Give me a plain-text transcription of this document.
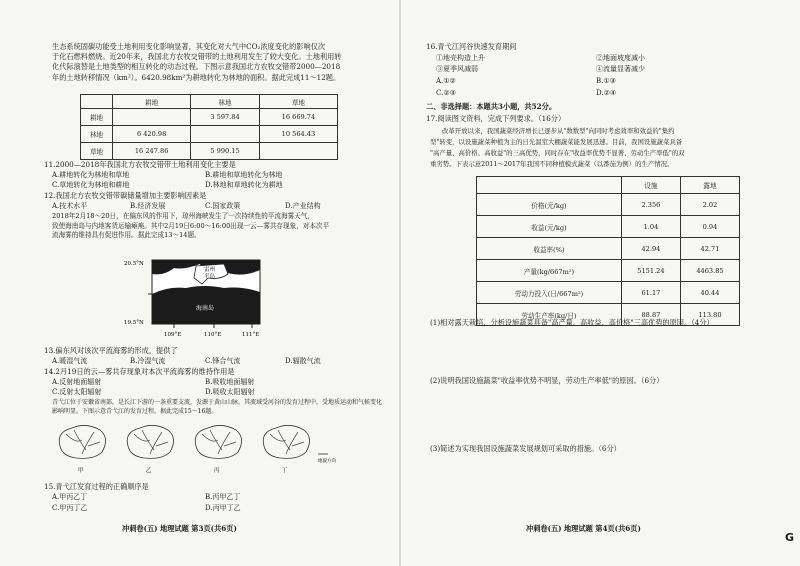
生态系统固碳功能受土地利用变化影响显著，其变化对大气中CO₂浓度变化的影响仅次
于化石燃料燃烧。近20年来，我国北方农牧交错带的土地利用发生了较大变化。土地利用转
化代际演替是土地类型的相互转化的动态过程。下图示意我国北方农牧交错带2000—2018
年的土地转移情况（km²）。6420.98km²为耕地转化为林地的面积。据此完成11～12题。
	耕地	林地	草地
耕地		3 597.84	16 669.74
林地	6 420.98		10 564.43
草地	16 247.86	5 990.15	
11.2000—2018年我国北方农牧交错带土地利用变化主要是
A.耕地转化为林地和草地	B.耕地和草地转化为林地
C.草地转化为林地和耕地	D.林地和草地转化为耕地
12.我国北方农牧交错带碳储量增加主要影响因素是
A.技术水平	B.经济发展	C.国家政策	D.产业结构
2018年2月18～20日，在偏东风的作用下，琼州海峡发生了一次持续性的平流海雾天气，
致使海南岛与内地客货运输瘫痪。其中2月19日6:00～16:00出现一云—雾共存现象，对本次平
流海雾的维持具有促进作用。据此完成13～14题。
20.5°N
19.5°N
109°E	110°E	111°E
雷州
半岛
海南岛
13.偏东风对该次平流海雾的形成，提供了
A.暖湿气流	B.冷湿气流	C.锋合气流	D.辐散气流
14.2月19日的云—雾共存现象对本次平流海雾的维持作用是
A.反射地面辐射	B.吸收地面辐射
C.反射太阳辐射	D.吸收太阳辐射
青弋江位于安徽省南部，是长江下游的一条重要支流，发源于黄山山脉。其流域受河谷的发育过程中，受地质运动和气候变化
影响明显。下图示意青弋江的发育过程。据此完成15～16题。
甲	乙	丙	丁
地貌方向
15.青弋江发育过程的正确顺序是
A.甲丙乙丁	B.丙甲乙丁
C.甲丙丁乙	D.丙甲丁乙
冲刺卷(五) 地理试题 第3页(共6页)
16.青弋江河谷快速发育期间
①地壳构造上升	②地面坡度减小
③夏季风减弱	④流量显著减少
A.①②	B.①③
C.②③	D.②④
二、非选择题：本题共3小题，共52分。
17.阅读图文资料，完成下列要求。（16分）
改革开放以来，我国蔬菜经济增长已逐步从"数数型"向同时考虑效率和效益的"集约
型"转变，以设施蔬菜种植为主的日光温室大棚蔬菜能发展迅速。目前，我国设施蔬菜具备
"高产量、高价格、高收益"的三高优势，同时存在"收益率优势不显著、劳动生产率低"的双
重劣势。下表示意2011～2017年我国不同种植模式蔬菜（以番茄为例）的生产情况。
	设施	露地
价格(元/kg)	2.356	2.02
收益(元/kg)	1.04	0.94
收益率(%)	42.94	42.71
产量(kg/667m²)	5151.24	4463.85
劳动力投入(日/667m²)	61.17	40.44
劳动生产率(kg/日)	88.87	113.80
(1)相对露天栽培，分析设施蔬菜具备"高产量、高收益、高价格"三高优势的原因。（4分）
(2)说明我国设施蔬菜"收益率优势不明显，劳动生产率低"的原因。（6分）
(3)简述为实现我国设施蔬菜发展规划可采取的措施。（6分）
冲刺卷(五) 地理试题 第4页(共6页)
G
